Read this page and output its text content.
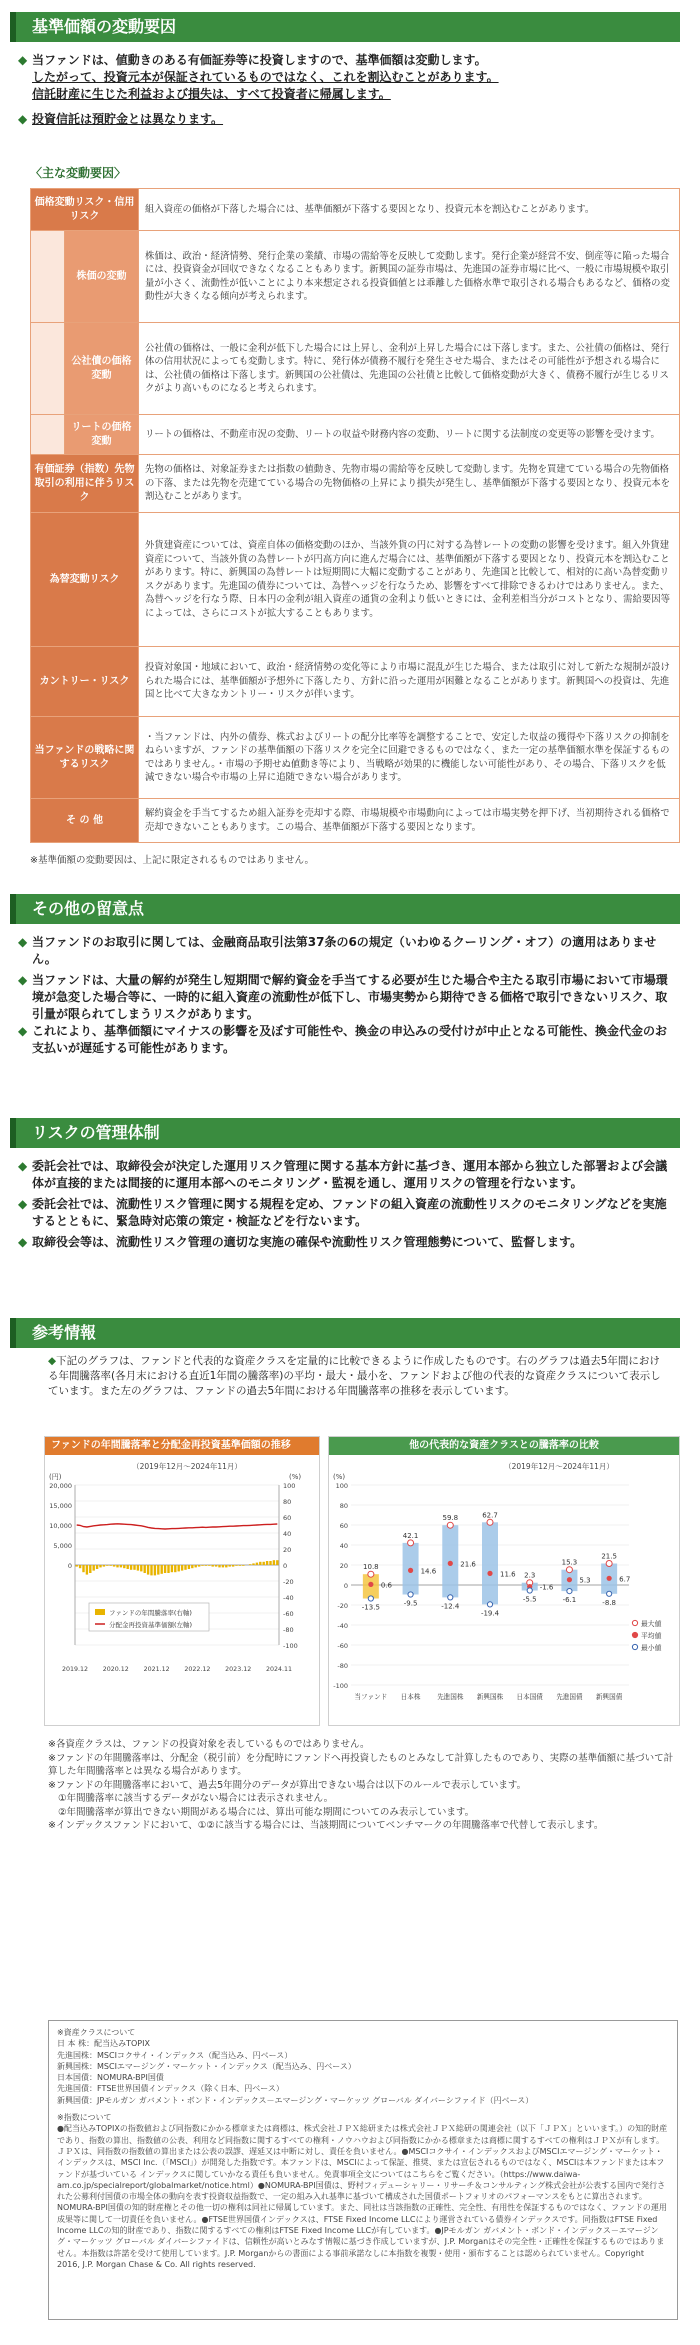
基準価額の変動要因
◆ 当ファンドは、値動きのある有価証券等に投資しますので、基準価額は変動します。
したがって、投資元本が保証されているものではなく、これを割込むことがあります。
信託財産に生じた利益および損失は、すべて投資者に帰属します。
◆ 投資信託は預貯金とは異なります。
〈主な変動要因〉
価格変動リスク・信用リスク		組入資産の価格が下落した場合には、基準価額が下落する要因となり、投資元本を割込むことがあります。
	株価の変動	株価は、政治・経済情勢、発行企業の業績、市場の需給等を反映して変動します。発行企業が経営不安、倒産等に陥った場合には、投資資金が回収できなくなることもあります。新興国の証券市場は、先進国の証券市場に比べ、一般に市場規模や取引量が小さく、流動性が低いことにより本来想定される投資価値とは乖離した価格水準で取引される場合もあるなど、価格の変動性が大きくなる傾向が考えられます。
	公社債の価格変動	公社債の価格は、一般に金利が低下した場合には上昇し、金利が上昇した場合には下落します。また、公社債の価格は、発行体の信用状況によっても変動します。特に、発行体が債務不履行を発生させた場合、またはその可能性が予想される場合には、公社債の価格は下落します。新興国の公社債は、先進国の公社債と比較して価格変動が大きく、債務不履行が生じるリスクがより高いものになると考えられます。
	リートの価格変動	リートの価格は、不動産市況の変動、リートの収益や財務内容の変動、リートに関する法制度の変更等の影響を受けます。
有価証券（指数）先物取引の利用に伴うリスク		先物の価格は、対象証券または指数の値動き、先物市場の需給等を反映して変動します。先物を買建てている場合の先物価格の下落、または先物を売建てている場合の先物価格の上昇により損失が発生し、基準価額が下落する要因となり、投資元本を割込むことがあります。
為替変動リスク		外貨建資産については、資産自体の価格変動のほか、当該外貨の円に対する為替レートの変動の影響を受けます。組入外貨建資産について、当該外貨の為替レートが円高方向に進んだ場合には、基準価額が下落する要因となり、投資元本を割込むことがあります。特に、新興国の為替レートは短期間に大幅に変動することがあり、先進国と比較して、相対的に高い為替変動リスクがあります。先進国の債券については、為替ヘッジを行なうため、影響をすべて排除できるわけではありません。また、為替ヘッジを行なう際、日本円の金利が組入資産の通貨の金利より低いときには、金利差相当分がコストとなり、需給要因等によっては、さらにコストが拡大することもあります。
カントリー・リスク		投資対象国・地域において、政治・経済情勢の変化等により市場に混乱が生じた場合、または取引に対して新たな規制が設けられた場合には、基準価額が予想外に下落したり、方針に沿った運用が困難となることがあります。新興国への投資は、先進国と比べて大きなカントリー・リスクが伴います。
当ファンドの戦略に関するリスク		・当ファンドは、内外の債券、株式およびリートの配分比率等を調整することで、安定した収益の獲得や下落リスクの抑制をねらいますが、ファンドの基準価額の下落リスクを完全に回避できるものではなく、また一定の基準価額水準を保証するものではありません。・市場の予期せぬ値動き等により、当戦略が効果的に機能しない可能性があり、その場合、下落リスクを低減できない場合や市場の上昇に追随できない場合があります。
そ の 他		解約資金を手当てするため組入証券を売却する際、市場規模や市場動向によっては市場実勢を押下げ、当初期待される価格で売却できないこともあります。この場合、基準価額が下落する要因となります。
※基準価額の変動要因は、上記に限定されるものではありません。
その他の留意点
◆ 当ファンドのお取引に関しては、金融商品取引法第37条の6の規定（いわゆるクーリング・オフ）の適用はありません。
◆ 当ファンドは、大量の解約が発生し短期間で解約資金を手当てする必要が生じた場合や主たる取引市場において市場環境が急変した場合等に、一時的に組入資産の流動性が低下し、市場実勢から期待できる価格で取引できないリスク、取引量が限られてしまうリスクがあります。
◆ これにより、基準価額にマイナスの影響を及ぼす可能性や、換金の申込みの受付けが中止となる可能性、換金代金のお支払いが遅延する可能性があります。
リスクの管理体制
◆ 委託会社では、取締役会が決定した運用リスク管理に関する基本方針に基づき、運用本部から独立した部署および会議体が直接的または間接的に運用本部へのモニタリング・監視を通し、運用リスクの管理を行ないます。
◆ 委託会社では、流動性リスク管理に関する規程を定め、ファンドの組入資産の流動性リスクのモニタリングなどを実施するとともに、緊急時対応策の策定・検証などを行ないます。
◆ 取締役会等は、流動性リスク管理の適切な実施の確保や流動性リスク管理態勢について、監督します。
参考情報
◆下記のグラフは、ファンドと代表的な資産クラスを定量的に比較できるように作成したものです。右のグラフは過去5年間における年間騰落率(各月末における直近1年間の騰落率)の平均・最大・最小を、ファンドおよび他の代表的な資産クラスについて表示しています。また左のグラフは、ファンドの過去5年間における年間騰落率の推移を表示しています。
ファンドの年間騰落率と分配金再投資基準価額の推移
（2019年12月～2024年11月）
(円)	(%)
20,000
15,000
10,000
5,000
0
100
80
60
40
20
0
-20
-40
-60
-80
-100
2019.12 2020.12 2021.12 2022.12 2023.12 2024.11
ファンドの年間騰落率(右軸)
分配金再投資基準価額(左軸)
他の代表的な資産クラスとの騰落率の比較
（2019年12月～2024年11月）
(%)
100
80
60
40
20
0
-20
-40
-60
-80
-100
10.8
0.6
-13.5
当ファンド
42.1
14.6
-9.5
日本株
59.8
21.6
-12.4
先進国株
62.7
11.6
-19.4
新興国株
2.3
-1.6
-5.5
日本国債
15.3
5.3
-6.1
先進国債
21.5
6.7
-8.8
新興国債
最大値
平均値
最小値
※各資産クラスは、ファンドの投資対象を表しているものではありません。
※ファンドの年間騰落率は、分配金（税引前）を分配時にファンドへ再投資したものとみなして計算したものであり、実際の基準価額に基づいて計算した年間騰落率とは異なる場合があります。
※ファンドの年間騰落率において、過去5年間分のデータが算出できない場合は以下のルールで表示しています。
①年間騰落率に該当するデータがない場合には表示されません。
②年間騰落率が算出できない期間がある場合には、算出可能な期間についてのみ表示しています。
※インデックスファンドにおいて、①②に該当する場合には、当該期間についてベンチマークの年間騰落率で代替して表示します。
※資産クラスについて
日 本 株：配当込みTOPIX
先進国株：MSCIコクサイ・インデックス（配当込み、円ベース）
新興国株：MSCIエマージング・マーケット・インデックス（配当込み、円ベース）
日本国債：NOMURA-BPI国債
先進国債：FTSE世界国債インデックス（除く日本、円ベース）
新興国債：JPモルガン ガバメント・ボンド・インデックス－エマージング・マーケッツ グローバル ダイバーシファイド（円ベース）
※指数について
●配当込みTOPIXの指数値および同指数にかかる標章または商標は、株式会社ＪＰＸ総研または株式会社ＪＰＸ総研の関連会社（以下「ＪＰＸ」といいます。）の知的財産であり、指数の算出、指数値の公表、利用など同指数に関するすべての権利・ノウハウおよび同指数にかかる標章または商標に関するすべての権利はＪＰＸが有します。ＪＰＸは、同指数の指数値の算出または公表の誤謬、遅延又は中断に対し、責任を負いません。●MSCIコクサイ・インデックスおよびMSCIエマージング・マーケット・インデックスは、MSCI Inc.（「MSCI」）が開発した指数です。本ファンドは、MSCIによって保証、推奨、または宣伝されるものではなく、MSCIは本ファンドまたは本ファンドが基づいている インデックスに関していかなる責任も負いません。免責事項全文についてはこちらをご覧ください。（https://www.daiwa-am.co.jp/specialreport/globalmarket/notice.html）●NOMURA-BPI国債は、野村フィデューシャリー・リサーチ＆コンサルティング株式会社が公表する国内で発行された公募利付国債の市場全体の動向を表す投資収益指数で、一定の組み入れ基準に基づいて構成された国債ポートフォリオのパフォーマンスをもとに算出されます。NOMURA-BPI国債の知的財産権とその他一切の権利は同社に帰属しています。また、同社は当該指数の正確性、完全性、有用性を保証するものではなく、ファンドの運用成果等に関して一切責任を負いません。●FTSE世界国債インデックスは、FTSE Fixed Income LLCにより運営されている債券インデックスです。同指数はFTSE Fixed Income LLCの知的財産であり、指数に関するすべての権利はFTSE Fixed Income LLCが有しています。●JPモルガン ガバメント・ボンド・インデックス－エマージング・マーケッツ グローバル ダイバーシファイドは、信頼性が高いとみなす情報に基づき作成していますが、J.P. Morganはその完全性・正確性を保証するものではありません。本指数は許諾を受けて使用しています。J.P. Morganからの書面による事前承諾なしに本指数を複製・使用・頒布することは認められていません。Copyright 2016, J.P. Morgan Chase & Co. All rights reserved.
